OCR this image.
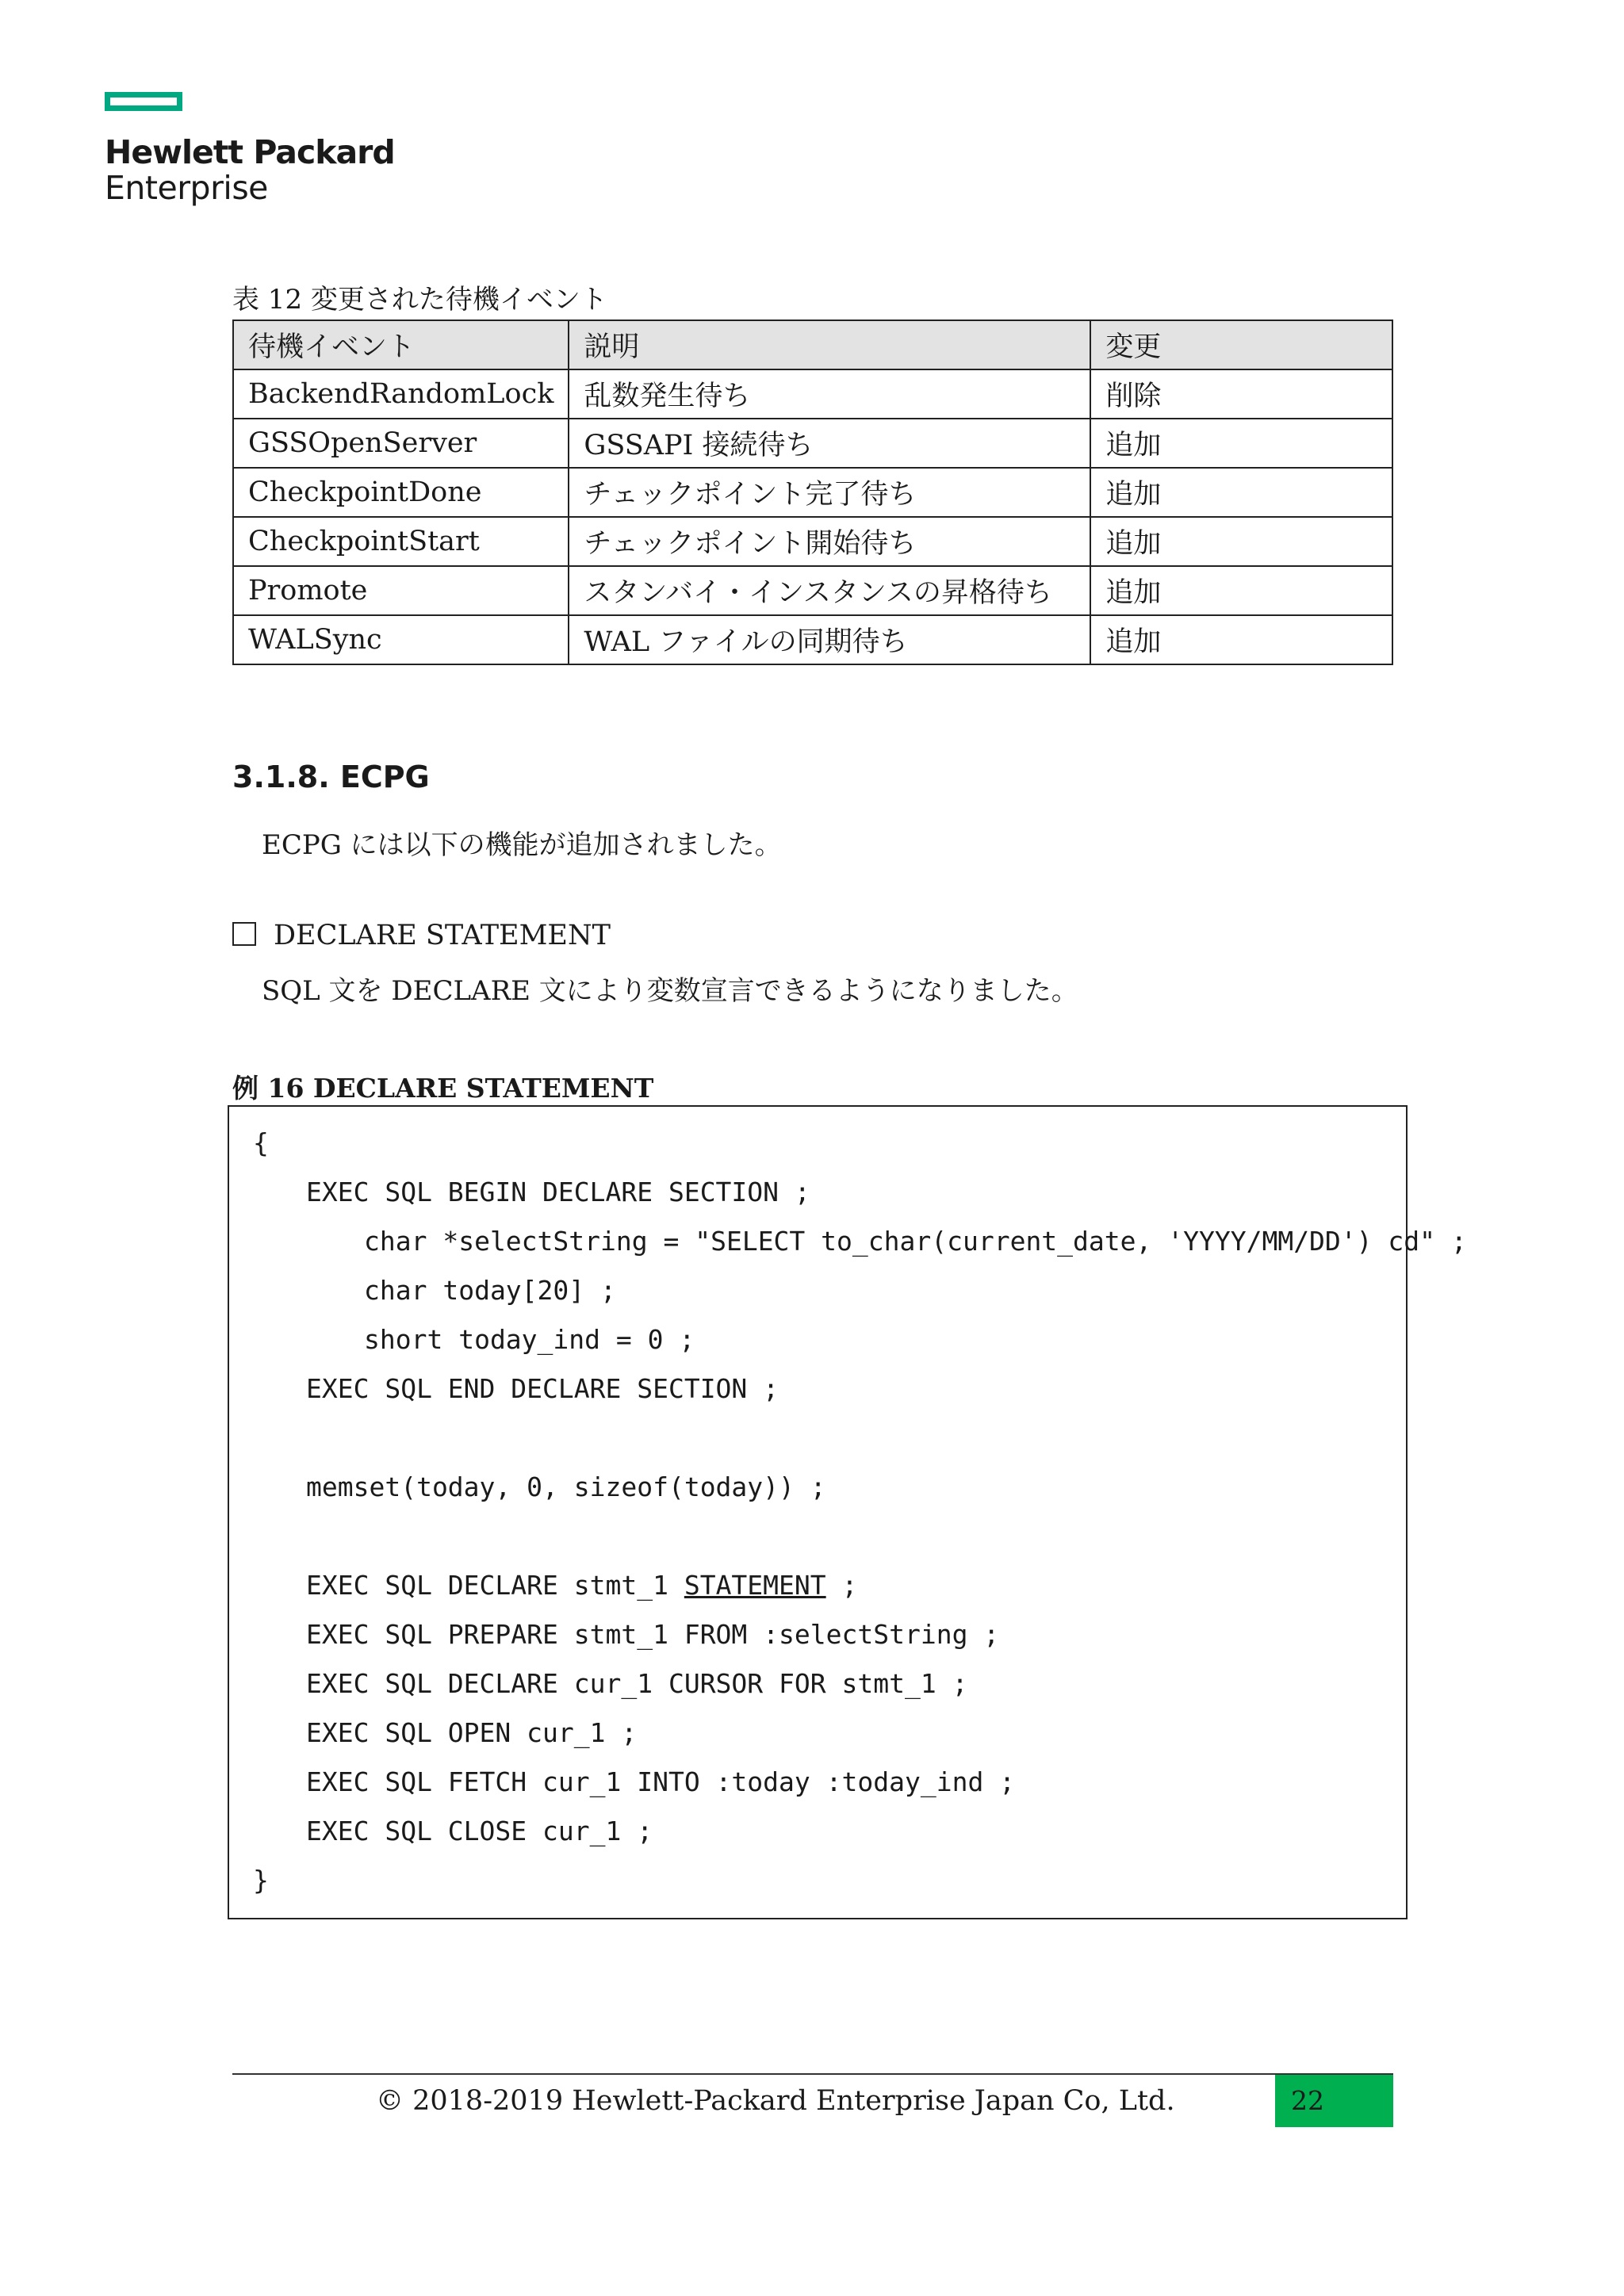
Hewlett Packard
Enterprise
表 12 変更された待機イベント
待機イベント	説明	変更
BackendRandomLock	乱数発生待ち	削除
GSSOpenServer	GSSAPI 接続待ち	追加
CheckpointDone	チェックポイント完了待ち	追加
CheckpointStart	チェックポイント開始待ち	追加
Promote	スタンバイ・インスタンスの昇格待ち	追加
WALSync	WAL ファイルの同期待ち	追加
3.1.8. ECPG
ECPG には以下の機能が追加されました。
DECLARE STATEMENT
SQL 文を DECLARE 文により変数宣言できるようになりました。
例 16 DECLARE STATEMENT
{
EXEC SQL BEGIN DECLARE SECTION ;
char *selectString = "SELECT to_char(current_date, 'YYYY/MM/DD') cd" ;
char today[20] ;
short today_ind = 0 ;
EXEC SQL END DECLARE SECTION ;
memset(today, 0, sizeof(today)) ;
EXEC SQL DECLARE stmt_1 STATEMENT ;
EXEC SQL PREPARE stmt_1 FROM :selectString ;
EXEC SQL DECLARE cur_1 CURSOR FOR stmt_1 ;
EXEC SQL OPEN cur_1 ;
EXEC SQL FETCH cur_1 INTO :today :today_ind ;
EXEC SQL CLOSE cur_1 ;
}
© 2018-2019 Hewlett-Packard Enterprise Japan Co, Ltd.	22
